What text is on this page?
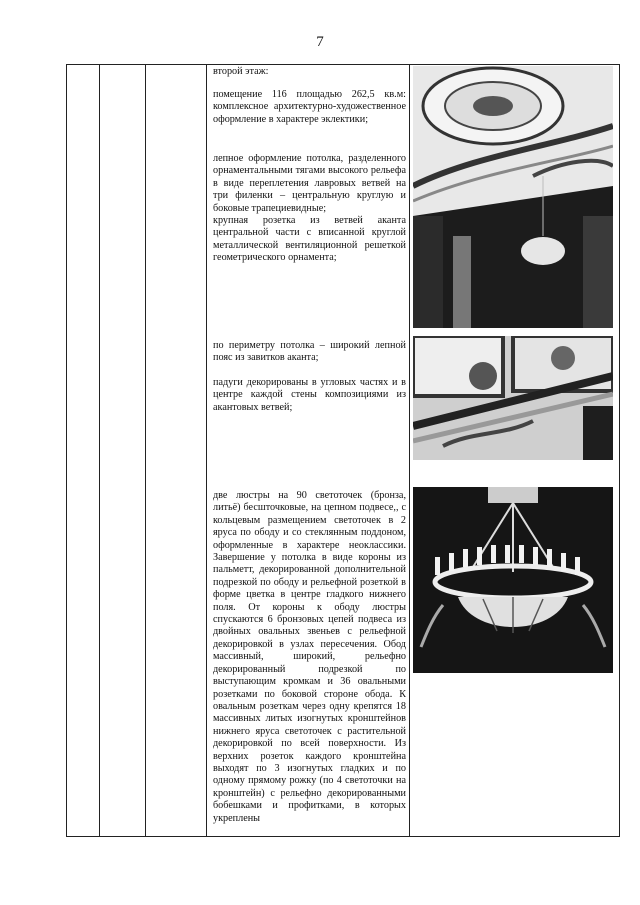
7

второй этаж:

помещение 116 площадью 262,5 кв.м: комплексное архитектурно-художественное оформление в характере эклектики;

лепное оформление потолка, разделенного орнаментальными тягами высокого рельефа в виде переплетения лавровых ветвей на три филенки – центральную круглую и боковые трапециевидные;

крупная розетка из ветвей аканта центральной части с вписанной круглой металлической вентиляционной решеткой геометрического орнамента;

по периметру потолка – широкий лепной пояс из завитков аканта;

падуги декорированы в угловых частях и в центре каждой стены композициями из акантовых ветвей;

две люстры на 90 светоточек (бронза, литьё) бесшточковые, на цепном подвесе,, с кольцевым размещением светоточек в 2 яруса по ободу и со стеклянным поддоном, оформленные в характере неоклассики. Завершение у потолка в виде короны из пальметт, декорированной дополнительной подрезкой по ободу и рельефной розеткой в форме цветка в центре гладкого нижнего поля. От короны к ободу люстры спускаются 6 бронзовых цепей подвеса из двойных овальных звеньев с рельефной декорировкой в узлах пересечения. Обод массивный, широкий, рельефно декорированный подрезкой по выступающим кромкам и 36 овальными розетками по боковой стороне обода. К овальным розеткам через одну крепятся 18 массивных литых изогнутых кронштейнов нижнего яруса светоточек с растительной декорировкой по всей поверхности. Из верхних розеток каждого кронштейна выходят по 3 изогнутых гладких и по одному прямому рожку (по 4 светоточки на кронштейн) с рельефно декорированными бобешками и профитками, в которых укреплены
